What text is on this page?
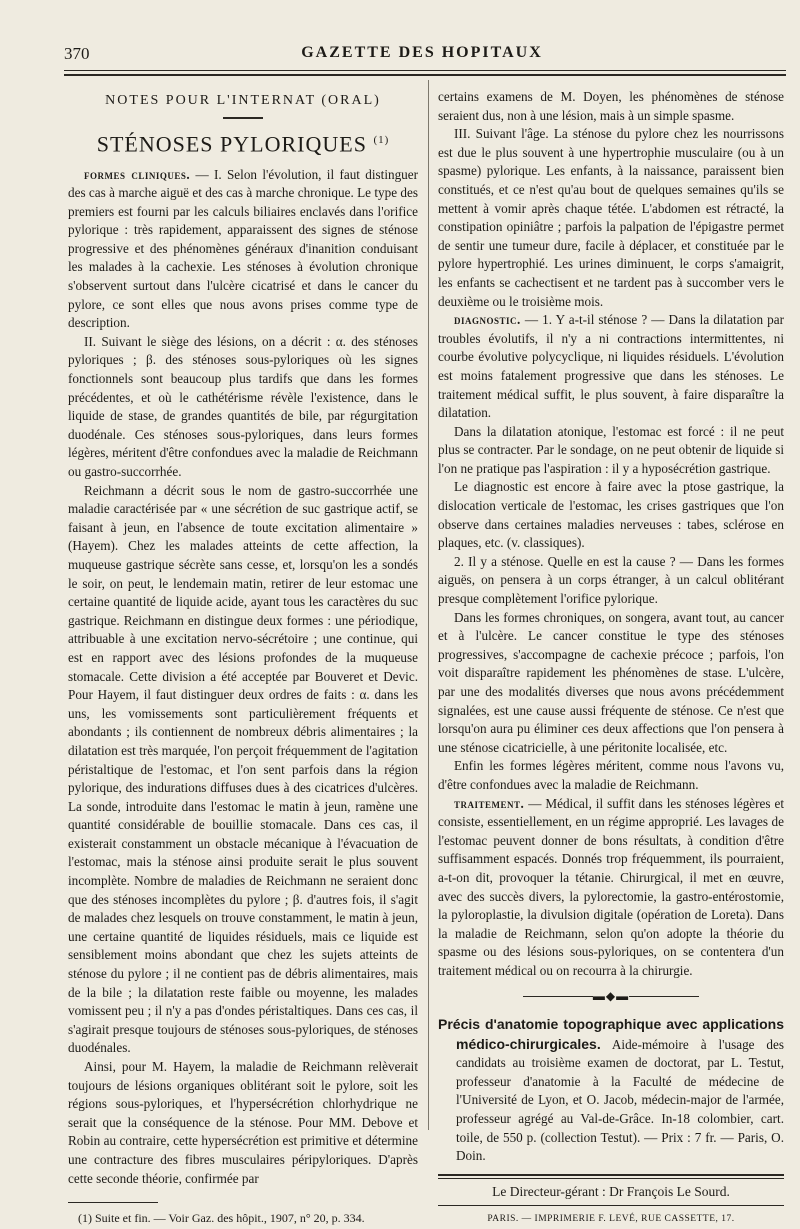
370	GAZETTE DES HOPITAUX
NOTES POUR L'INTERNAT (ORAL)
STÉNOSES PYLORIQUES $^{(1)}$

formes cliniques. — I. Selon l'évolution, il faut distinguer des cas à marche aiguë et des cas à marche chronique. Le type des premiers est fourni par les calculs biliaires enclavés dans l'orifice pylorique : très rapidement, apparaissent des signes de sténose progressive et des phénomènes généraux d'inanition conduisant les malades à la cachexie. Les sténoses à évolution chronique s'observent surtout dans l'ulcère cicatrisé et dans le cancer du pylore, ce sont elles que nous avons prises comme type de description.

II. Suivant le siège des lésions, on a décrit : α. des sténoses pyloriques ; β. des sténoses sous-pyloriques où les signes fonctionnels sont beaucoup plus tardifs que dans les formes précédentes, et où le cathétérisme révèle l'existence, dans le liquide de stase, de grandes quantités de bile, par régurgitation duodénale. Ces sténoses sous-pyloriques, dans leurs formes légères, méritent d'être confondues avec la maladie de Reichmann ou gastro-succorrhée.

Reichmann a décrit sous le nom de gastro-succorrhée une maladie caractérisée par « une sécrétion de suc gastrique actif, se faisant à jeun, en l'absence de toute excitation alimentaire » (Hayem). Chez les malades atteints de cette affection, la muqueuse gastrique sécrète sans cesse, et, lorsqu'on les a sondés le soir, on peut, le lendemain matin, retirer de leur estomac une certaine quantité de liquide acide, ayant tous les caractères du suc gastrique. Reichmann en distingue deux formes : une périodique, attribuable à une excitation nervo-sécrétoire ; une continue, qui est en rapport avec des lésions profondes de la muqueuse stomacale. Cette division a été acceptée par Bouveret et Devic. Pour Hayem, il faut distinguer deux ordres de faits : α. dans les uns, les vomissements sont particulièrement fréquents et abondants ; ils contiennent de nombreux débris alimentaires ; la dilatation est très marquée, l'on perçoit fréquemment de l'agitation péristaltique de l'estomac, et l'on sent parfois dans la région pylorique, des indurations diffuses dues à des cicatrices d'ulcères. La sonde, introduite dans l'estomac le matin à jeun, ramène une quantité considérable de bouillie stomacale. Dans ces cas, il existerait constamment un obstacle mécanique à l'évacuation de l'estomac, mais la sténose ainsi produite serait le plus souvent incomplète. Nombre de maladies de Reichmann ne seraient donc que des sténoses incomplètes du pylore ; β. d'autres fois, il s'agit de malades chez lesquels on trouve constamment, le matin à jeun, une certaine quantité de liquides résiduels, mais ce liquide est sensiblement moins abondant que chez les sujets atteints de sténose du pylore ; il ne contient pas de débris alimentaires, mais de la bile ; la dilatation reste faible ou moyenne, les malades vomissent peu ; il n'y a pas d'ondes péristaltiques. Dans ces cas, il s'agirait presque toujours de sténoses sous-pyloriques, de sténoses duodénales.

Ainsi, pour M. Hayem, la maladie de Reichmann relèverait toujours de lésions organiques oblitérant soit le pylore, soit les régions sous-pyloriques, et l'hypersécrétion chlorhydrique ne serait que la conséquence de la sténose. Pour MM. Debove et Robin au contraire, cette hypersécrétion est primitive et détermine une contracture des fibres musculaires péripyloriques. D'après cette seconde théorie, confirmée par

(1) Suite et fin. — Voir Gaz. des hôpit., 1907, n° 20, p. 334.

certains examens de M. Doyen, les phénomènes de sténose seraient dus, non à une lésion, mais à un simple spasme.

III. Suivant l'âge. La sténose du pylore chez les nourrissons est due le plus souvent à une hypertrophie musculaire (ou à un spasme) pylorique. Les enfants, à la naissance, paraissent bien constitués, et ce n'est qu'au bout de quelques semaines qu'ils se mettent à vomir après chaque tétée. L'abdomen est rétracté, la constipation opiniâtre ; parfois la palpation de l'épigastre permet de sentir une tumeur dure, facile à déplacer, et constituée par le pylore hypertrophié. Les urines diminuent, le corps s'amaigrit, les enfants se cachectisent et ne tardent pas à succomber vers le deuxième ou le troisième mois.

diagnostic. — 1. Y a-t-il sténose ? — Dans la dilatation par troubles évolutifs, il n'y a ni contractions intermittentes, ni courbe évolutive polycyclique, ni liquides résiduels. L'évolution est moins fatalement progressive que dans les sténoses. Le traitement médical suffit, le plus souvent, à faire disparaître la dilatation.

Dans la dilatation atonique, l'estomac est forcé : il ne peut plus se contracter. Par le sondage, on ne peut obtenir de liquide si l'on ne pratique pas l'aspiration : il y a hyposécrétion gastrique.

Le diagnostic est encore à faire avec la ptose gastrique, la dislocation verticale de l'estomac, les crises gastriques que l'on observe dans certaines maladies nerveuses : tabes, sclérose en plaques, etc. (v. classiques).

2. Il y a sténose. Quelle en est la cause ? — Dans les formes aiguës, on pensera à un corps étranger, à un calcul oblitérant presque complètement l'orifice pylorique.

Dans les formes chroniques, on songera, avant tout, au cancer et à l'ulcère. Le cancer constitue le type des sténoses progressives, s'accompagne de cachexie précoce ; parfois, l'on voit disparaître rapidement les phénomènes de stase. L'ulcère, par une des modalités diverses que nous avons précédemment signalées, est une cause aussi fréquente de sténose. Ce n'est que lorsqu'on aura pu éliminer ces deux affections que l'on pensera à une sténose cicatricielle, à une péritonite localisée, etc.

Enfin les formes légères méritent, comme nous l'avons vu, d'être confondues avec la maladie de Reichmann.

traitement. — Médical, il suffit dans les sténoses légères et consiste, essentiellement, en un régime approprié. Les lavages de l'estomac peuvent donner de bons résultats, à condition d'être suffisamment espacés. Donnés trop fréquemment, ils pourraient, a-t-on dit, provoquer la tétanie. Chirurgical, il met en œuvre, avec des succès divers, la pylorectomie, la gastro-entérostomie, la pyloroplastie, la divulsion digitale (opération de Loreta). Dans la maladie de Reichmann, selon qu'on adopte la théorie du spasme ou des lésions sous-pyloriques, on se contentera d'un traitement médical ou on recourra à la chirurgie.

▬◆▬

Précis d'anatomie topographique avec applications médico-chirurgicales. Aide-mémoire à l'usage des candidats au troisième examen de doctorat, par L. Testut, professeur d'anatomie à la Faculté de médecine de l'Université de Lyon, et O. Jacob, médecin-major de l'armée, professeur agrégé au Val-de-Grâce. In-18 colombier, cart. toile, de 550 p. (collection Testut). — Prix : 7 fr. — Paris, O. Doin.

Le Directeur-gérant : Dr François Le Sourd.

PARIS. — IMPRIMERIE F. LEVÉ, RUE CASSETTE, 17.
